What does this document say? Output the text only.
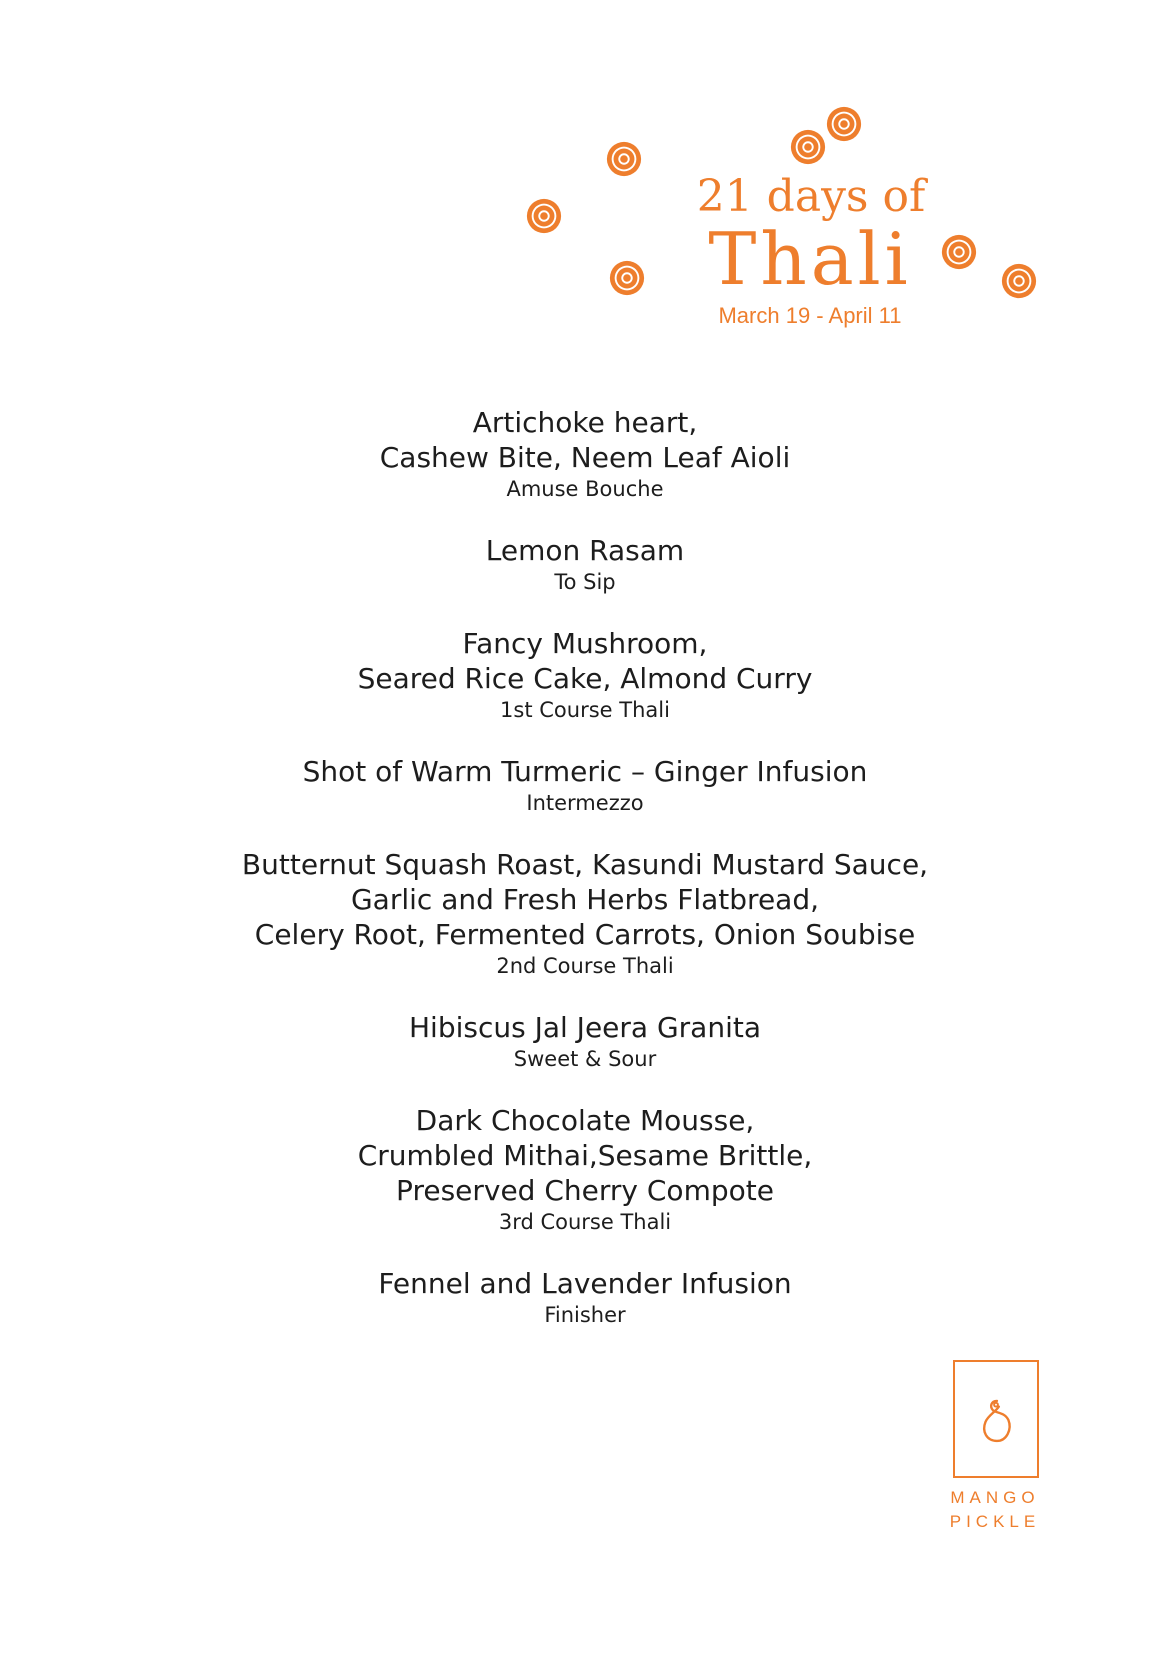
21 days of
Thali
March 19 - April 11
Artichoke heart,
Cashew Bite, Neem Leaf Aioli
Amuse Bouche
Lemon Rasam
To Sip
Fancy Mushroom,
Seared Rice Cake, Almond Curry
1st Course Thali
Shot of Warm Turmeric – Ginger Infusion
Intermezzo
Butternut Squash Roast, Kasundi Mustard Sauce,
Garlic and Fresh Herbs Flatbread,
Celery Root, Fermented Carrots, Onion Soubise
2nd Course Thali
Hibiscus Jal Jeera Granita
Sweet & Sour
Dark Chocolate Mousse,
Crumbled Mithai,Sesame Brittle,
Preserved Cherry Compote
3rd Course Thali
Fennel and Lavender Infusion
Finisher
MANGO
PICKLE
